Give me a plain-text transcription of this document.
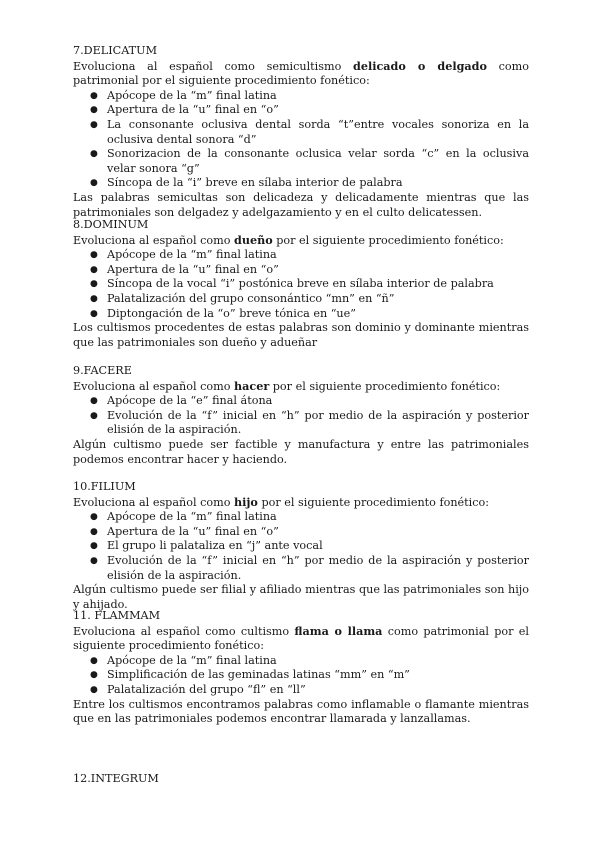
7.DELICATUM

Evoluciona al español como semicultismo delicado o delgado como patrimonial por el siguiente procedimiento fonético:

● Apócope de la “m” final latina
● Apertura de la “u” final en “o”
● La consonante oclusiva dental sorda “t”entre vocales sonoriza en la oclusiva dental sonora “d”
● Sonorizacion de la consonante oclusica velar sorda “c” en la oclusiva velar sonora “g”
● Síncopa de la “i” breve en sílaba interior de palabra

Las palabras semicultas son delicadeza y delicadamente mientras que las patrimoniales son delgadez y adelgazamiento y en el culto delicatessen.

8.DOMINUM

Evoluciona al español como dueño por el siguiente procedimiento fonético:

● Apócope de la “m” final latina
● Apertura de la “u” final en “o”
● Síncopa de la vocal “i” postónica breve en sílaba interior de palabra
● Palatalización del grupo consonántico “mn” en “ñ”
● Diptongación de la “o” breve tónica en “ue”

Los cultismos procedentes de estas palabras son dominio y dominante mientras que las patrimoniales son dueño y adueñar

9.FACERE

Evoluciona al español como hacer por el siguiente procedimiento fonético:

● Apócope de la “e” final átona
● Evolución de la “f” inicial en “h” por medio de la aspiración y posterior elisión de la aspiración.

Algún cultismo puede ser factible y manufactura y entre las patrimoniales podemos encontrar hacer y haciendo.

10.FILIUM

Evoluciona al español como hijo por el siguiente procedimiento fonético:

● Apócope de la “m” final latina
● Apertura de la “u” final en “o”
● El grupo li palataliza en “j” ante vocal
● Evolución de la “f” inicial en “h” por medio de la aspiración y posterior elisión de la aspiración.

Algún cultismo puede ser filial y afiliado mientras que las patrimoniales son hijo y ahijado.

11. FLAMMAM

Evoluciona al español como cultismo flama o llama como patrimonial por el siguiente procedimiento fonético:

● Apócope de la “m” final latina
● Simplificación de las geminadas latinas “mm” en “m”
● Palatalización del grupo “fl” en “ll”

Entre los cultismos encontramos palabras como inflamable o flamante mientras que en las patrimoniales podemos encontrar llamarada y lanzallamas.

12.INTEGRUM
